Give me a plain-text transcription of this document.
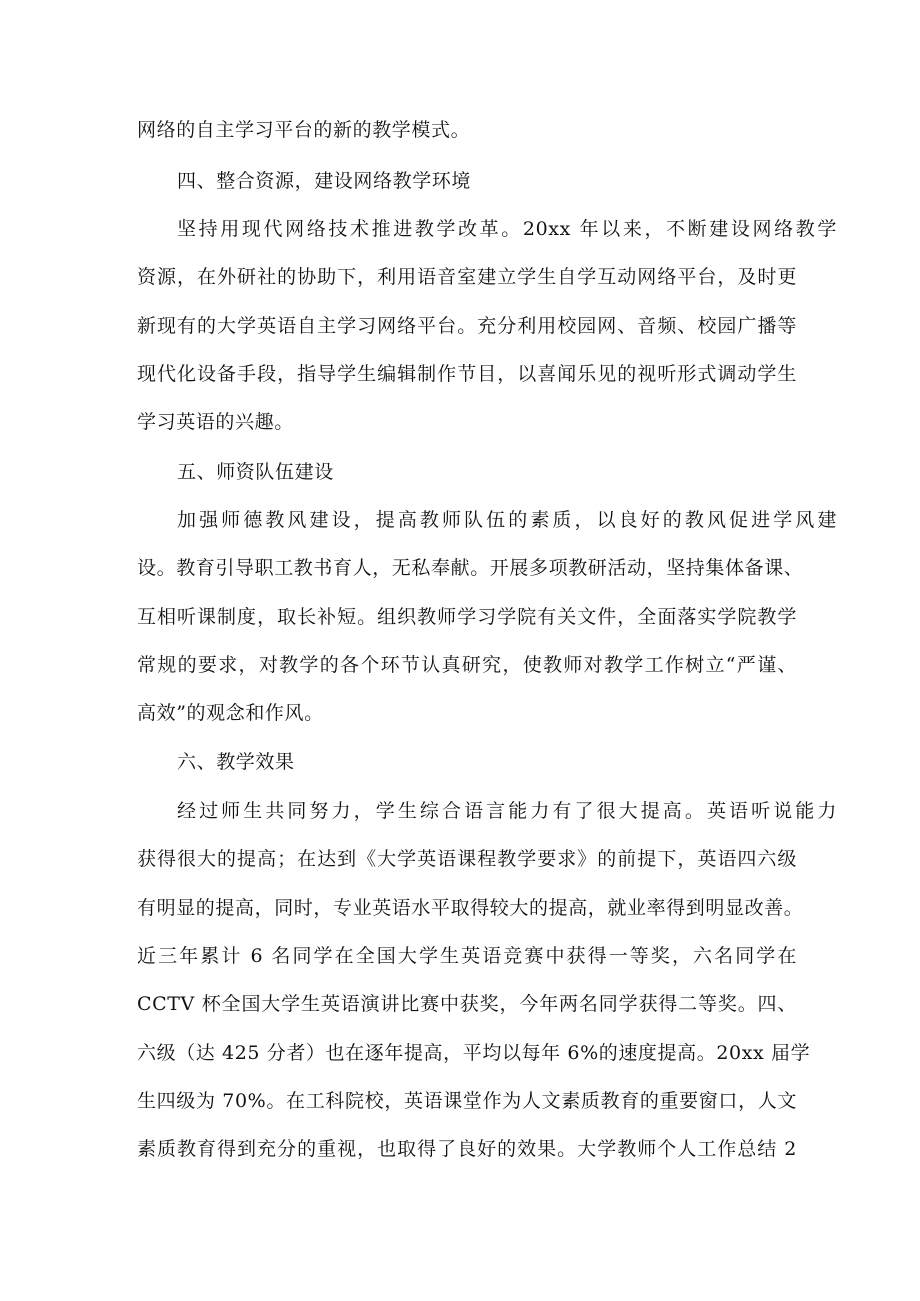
网络的自主学习平台的新的教学模式。
四、整合资源，建设网络教学环境
坚持用现代网络技术推进教学改革。20xx 年以来，不断建设网络教学
资源，在外研社的协助下，利用语音室建立学生自学互动网络平台，及时更
新现有的大学英语自主学习网络平台。充分利用校园网、音频、校园广播等
现代化设备手段，指导学生编辑制作节目，以喜闻乐见的视听形式调动学生
学习英语的兴趣。
五、师资队伍建设
加强师德教风建设，提高教师队伍的素质，以良好的教风促进学风建
设。教育引导职工教书育人，无私奉献。开展多项教研活动，坚持集体备课、
互相听课制度，取长补短。组织教师学习学院有关文件，全面落实学院教学
常规的要求，对教学的各个环节认真研究，使教师对教学工作树立“严谨、
高效”的观念和作风。
六、教学效果
经过师生共同努力，学生综合语言能力有了很大提高。英语听说能力
获得很大的提高；在达到《大学英语课程教学要求》的前提下，英语四六级
有明显的提高，同时，专业英语水平取得较大的提高，就业率得到明显改善。
近三年累计 6 名同学在全国大学生英语竞赛中获得一等奖，六名同学在
CCTV 杯全国大学生英语演讲比赛中获奖，今年两名同学获得二等奖。四、
六级（达 425 分者）也在逐年提高，平均以每年 6%的速度提高。20xx 届学
生四级为 70%。在工科院校，英语课堂作为人文素质教育的重要窗口，人文
素质教育得到充分的重视，也取得了良好的效果。大学教师个人工作总结 2
